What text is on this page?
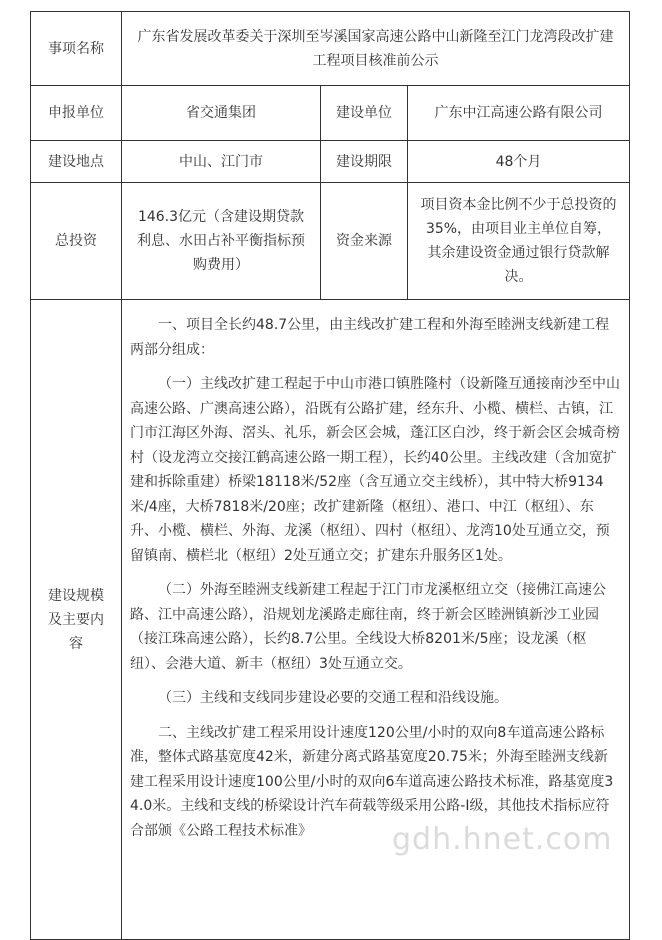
事项名称	广东省发展改革委关于深圳至岑溪国家高速公路中山新隆至江门龙湾段改扩建工程项目核准前公示		
申报单位	省交通集团	建设单位	广东中江高速公路有限公司
建设地点	中山、江门市	建设期限	48个月
总投资	146.3亿元（含建设期贷款利息、水田占补平衡指标预购费用）	资金来源	项目资本金比例不少于总投资的35%，由项目业主单位自筹，其余建设资金通过银行贷款解决。
建设规模及主要内容	一、项目全长约48.7公里，由主线改扩建工程和外海至睦洲支线新建工程两部分组成：

（一）主线改扩建工程起于中山市港口镇胜隆村（设新隆互通接南沙至中山高速公路、广澳高速公路），沿既有公路扩建，经东升、小榄、横栏、古镇，江门市江海区外海、滘头、礼乐，新会区会城，蓬江区白沙，终于新会区会城奇榜村（设龙湾立交接江鹤高速公路一期工程），长约40公里。主线改建（含加宽扩建和拆除重建）桥梁18118米/52座（含互通立交主线桥），其中特大桥9134米/4座，大桥7818米/20座；改扩建新隆（枢纽）、港口、中江（枢纽）、东升、小榄、横栏、外海、龙溪（枢纽）、四村（枢纽）、龙湾10处互通立交，预留镇南、横栏北（枢纽）2处互通立交；扩建东升服务区1处。

（二）外海至睦洲支线新建工程起于江门市龙溪枢纽立交（接佛江高速公路、江中高速公路），沿规划龙溪路走廊往南，终于新会区睦洲镇新沙工业园（接江珠高速公路），长约8.7公里。全线设大桥8201米/5座；设龙溪（枢纽）、会港大道、新丰（枢纽）3处互通立交。

（三）主线和支线同步建设必要的交通工程和沿线设施。

二、主线改扩建工程采用设计速度120公里/小时的双向8车道高速公路标准，整体式路基宽度42米，新建分离式路基宽度20.75米；外海至睦洲支线新建工程采用设计速度100公里/小时的双向6车道高速公路技术标准，路基宽度34.0米。主线和支线的桥梁设计汽车荷载等级采用公路-I级，其他技术指标应符合部颁《公路工程技术标准》			gdh.hnet.com
